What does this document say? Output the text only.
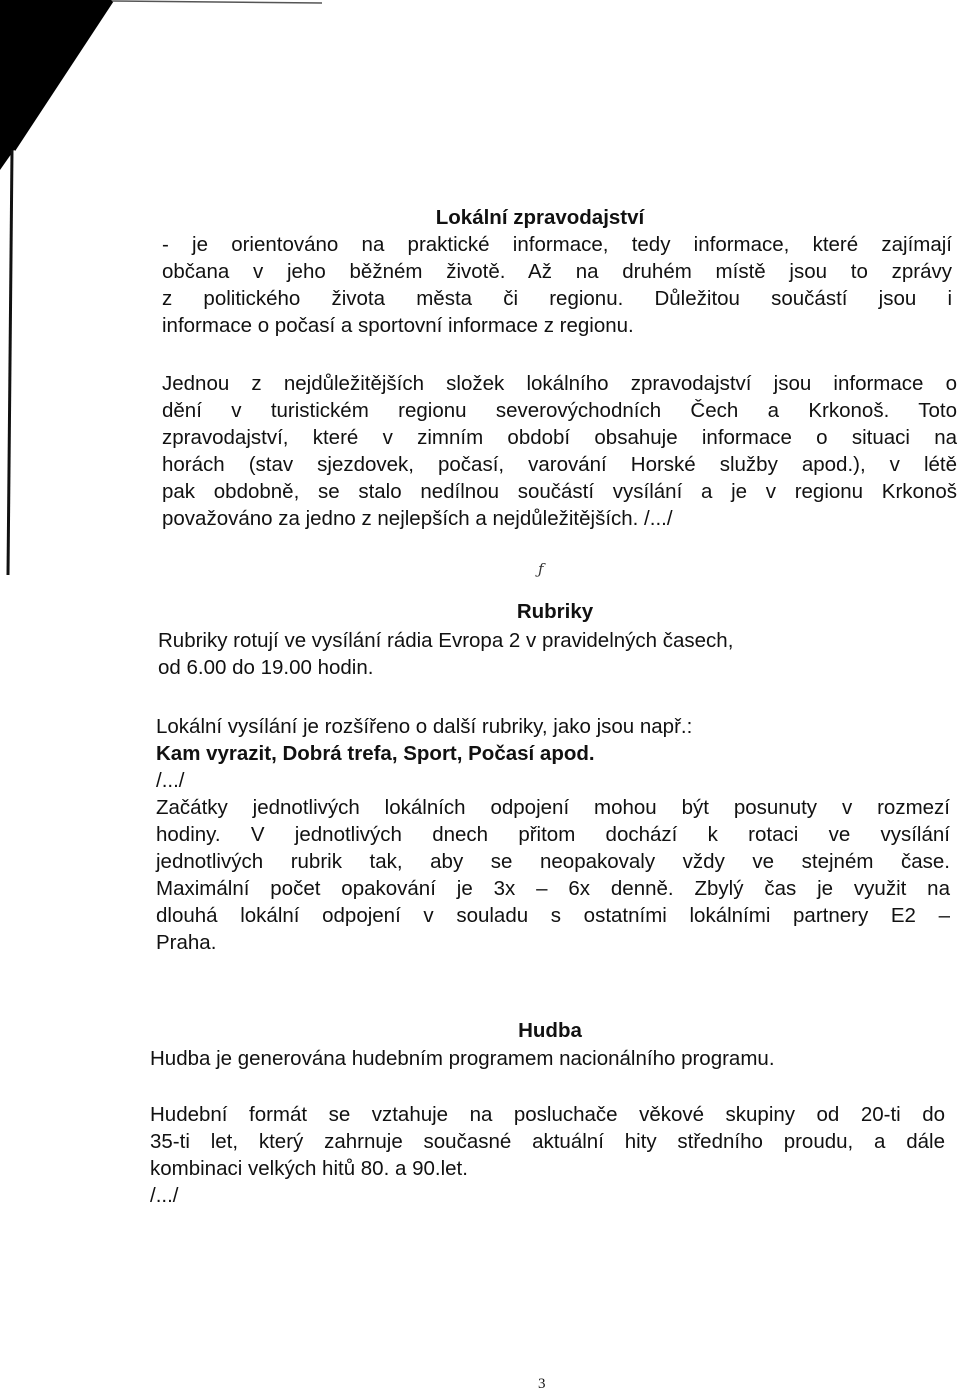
Lokální zpravodajství
- je orientováno na praktické informace, tedy informace, které zajímají
občana v jeho běžném životě. Až na druhém místě jsou to zprávy
z politického života města či regionu. Důležitou součástí jsou i
informace o počasí a sportovní informace z regionu.
Jednou z nejdůležitějších složek lokálního zpravodajství jsou informace o
dění v turistickém regionu severovýchodních Čech a Krkonoš. Toto
zpravodajství, které v zimním období obsahuje informace o situaci na
horách (stav sjezdovek, počasí, varování Horské služby apod.), v létě
pak obdobně, se stalo nedílnou součástí vysílání a je v regionu Krkonoš
považováno za jedno z nejlepších a nejdůležitějších. /.../
ƒ
Rubriky
Rubriky rotují ve vysílání rádia Evropa 2 v pravidelných časech,
od 6.00 do 19.00 hodin.
Lokální vysílání je rozšířeno o další rubriky, jako jsou např.:
Kam vyrazit, Dobrá trefa, Sport, Počasí apod.
/.../
Začátky jednotlivých lokálních odpojení mohou být posunuty v rozmezí
hodiny. V jednotlivých dnech přitom dochází k rotaci ve vysílání
jednotlivých rubrik tak, aby se neopakovaly vždy ve stejném čase.
Maximální počet opakování je 3x – 6x denně. Zbylý čas je využit na
dlouhá lokální odpojení v souladu s ostatními lokálními partnery E2 –
Praha.
Hudba
Hudba je generována hudebním programem nacionálního programu.
Hudební formát se vztahuje na posluchače věkové skupiny od 20-ti do
35-ti let, který zahrnuje současné aktuální hity středního proudu, a dále
kombinaci velkých hitů 80. a 90.let.
/.../
3
